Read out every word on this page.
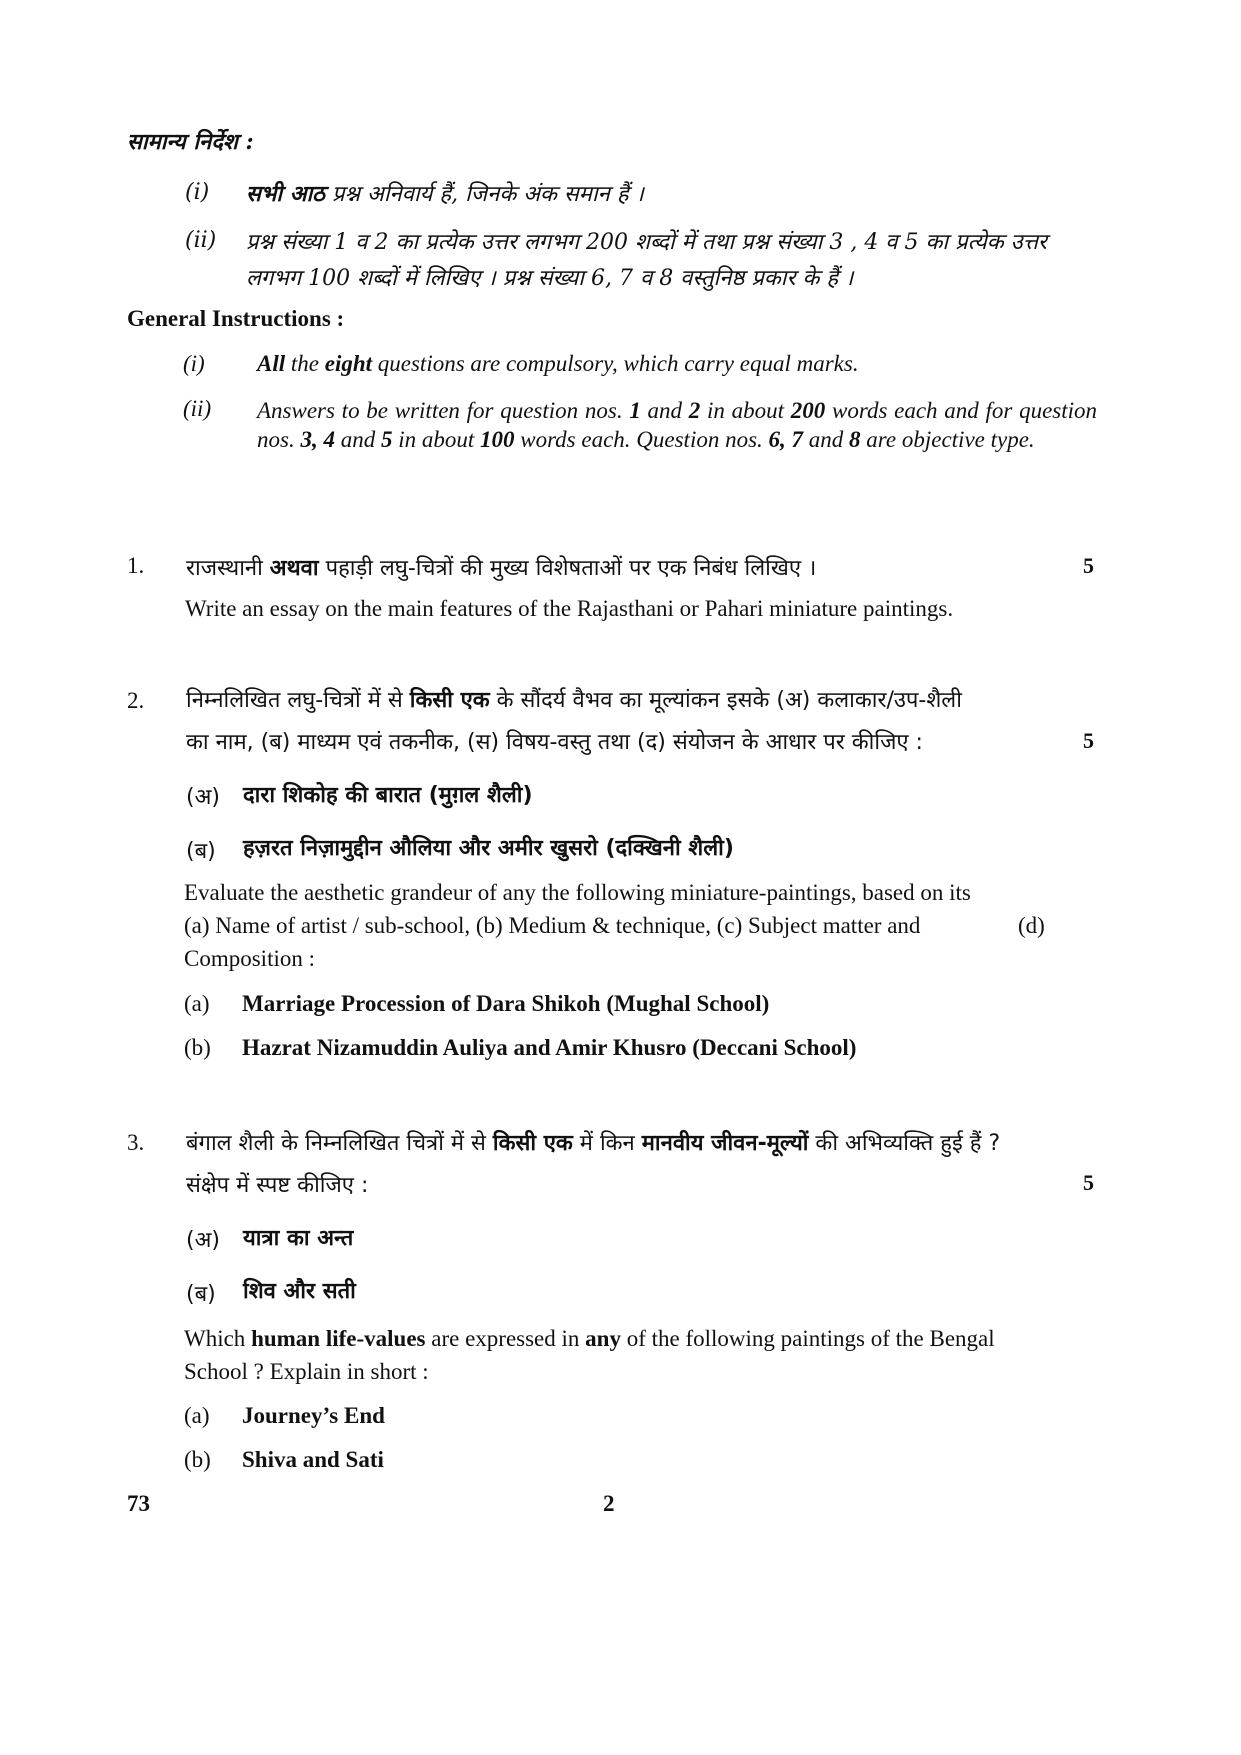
सामान्य निर्देश :
(i) सभी आठ प्रश्न अनिवार्य हैं, जिनके अंक समान हैं ।
(ii) प्रश्न संख्या 1 व 2 का प्रत्येक उत्तर लगभग 200 शब्दों में तथा प्रश्न संख्या 3 , 4 व 5 का प्रत्येक उत्तर
लगभग 100 शब्दों में लिखिए । प्रश्न संख्या 6, 7 व 8 वस्तुनिष्ठ प्रकार के हैं ।
General Instructions :
(i) All the eight questions are compulsory, which carry equal marks.
(ii) Answers to be written for question nos. 1 and 2 in about 200 words each and for question nos. 3, 4 and 5 in about 100 words each. Question nos. 6, 7 and 8 are objective type.
1. राजस्थानी अथवा पहाड़ी लघु-चित्रों की मुख्य विशेषताओं पर एक निबंध लिखिए ।	5
Write an essay on the main features of the Rajasthani or Pahari miniature paintings.
2. निम्नलिखित लघु-चित्रों में से किसी एक के सौंदर्य वैभव का मूल्यांकन इसके (अ) कलाकार/उप-शैली
का नाम, (ब) माध्यम एवं तकनीक, (स) विषय-वस्तु तथा (द) संयोजन के आधार पर कीजिए :	5
(अ) दारा शिकोह की बारात (मुग़ल शैली)
(ब) हज़रत निज़ामुद्दीन औलिया और अमीर खुसरो (दक्खिनी शैली)
Evaluate the aesthetic grandeur of any the following miniature-paintings, based on its
(a) Name of artist / sub-school, (b) Medium & technique, (c) Subject matter and	(d)
Composition :
(a) Marriage Procession of Dara Shikoh (Mughal School)
(b) Hazrat Nizamuddin Auliya and Amir Khusro (Deccani School)
3. बंगाल शैली के निम्नलिखित चित्रों में से किसी एक में किन मानवीय जीवन-मूल्यों की अभिव्यक्ति हुई हैं ?
संक्षेप में स्पष्ट कीजिए :	5
(अ) यात्रा का अन्त
(ब) शिव और सती
Which human life-values are expressed in any of the following paintings of the Bengal
School ? Explain in short :
(a) Journey’s End
(b) Shiva and Sati
73	2
